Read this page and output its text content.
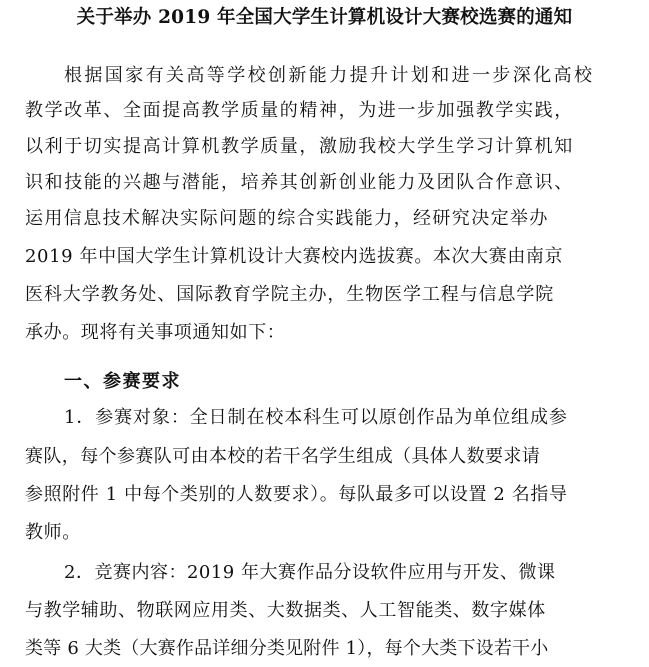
关于举办 2019 年全国大学生计算机设计大赛校选赛的通知
根据国家有关高等学校创新能力提升计划和进一步深化高校
教学改革、全面提高教学质量的精神，为进一步加强教学实践，
以利于切实提高计算机教学质量，激励我校大学生学习计算机知
识和技能的兴趣与潜能，培养其创新创业能力及团队合作意识、
运用信息技术解决实际问题的综合实践能力，经研究决定举办
2019 年中国大学生计算机设计大赛校内选拔赛。本次大赛由南京
医科大学教务处、国际教育学院主办，生物医学工程与信息学院
承办。现将有关事项通知如下：
一、参赛要求
1．参赛对象：全日制在校本科生可以原创作品为单位组成参
赛队，每个参赛队可由本校的若干名学生组成（具体人数要求请
参照附件 1 中每个类别的人数要求）。每队最多可以设置 2 名指导
教师。
2．竞赛内容：2019 年大赛作品分设软件应用与开发、微课
与教学辅助、物联网应用类、大数据类、人工智能类、数字媒体
类等 6 大类（大赛作品详细分类见附件 1），每个大类下设若干小
